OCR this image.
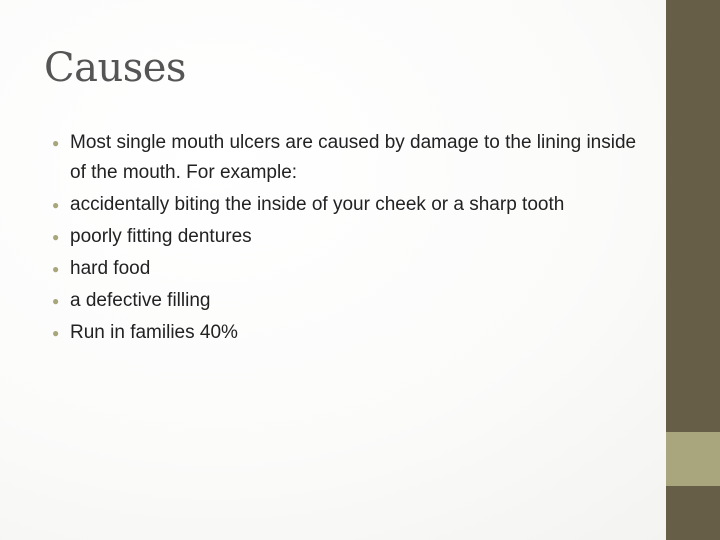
Causes
● Most single mouth ulcers are caused by damage to the lining inside of the mouth. For example:
● accidentally biting the inside of your cheek or a sharp tooth
● poorly fitting dentures
● hard food
● a defective filling
● Run in families 40%
